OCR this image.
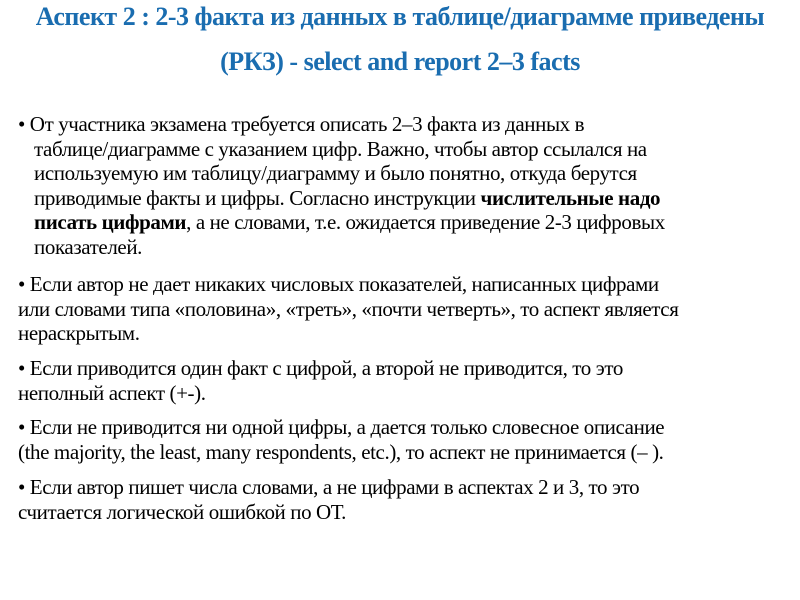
Аспект 2 : 2-3 факта из данных в таблице/диаграмме приведены
(РКЗ) - select and report 2–3 facts
• От участника экзамена требуется описать 2–3 факта из данных в
таблице/диаграмме с указанием цифр. Важно, чтобы автор ссылался на
используемую им таблицу/диаграмму и было понятно, откуда берутся
приводимые факты и цифры. Согласно инструкции числительные надо
писать цифрами, а не словами, т.е. ожидается приведение 2-3 цифровых
показателей.
• Если автор не дает никаких числовых показателей, написанных цифрами
или словами типа «половина», «треть», «почти четверть», то аспект является
нераскрытым.
• Если приводится один факт с цифрой, а второй не приводится, то это
неполный аспект (+-).
• Если не приводится ни одной цифры, а дается только словесное описание
(the majority, the least, many respondents, etc.), то аспект не принимается (– ).
• Если автор пишет числа словами, а не цифрами в аспектах 2 и 3, то это
считается логической ошибкой по ОТ.
